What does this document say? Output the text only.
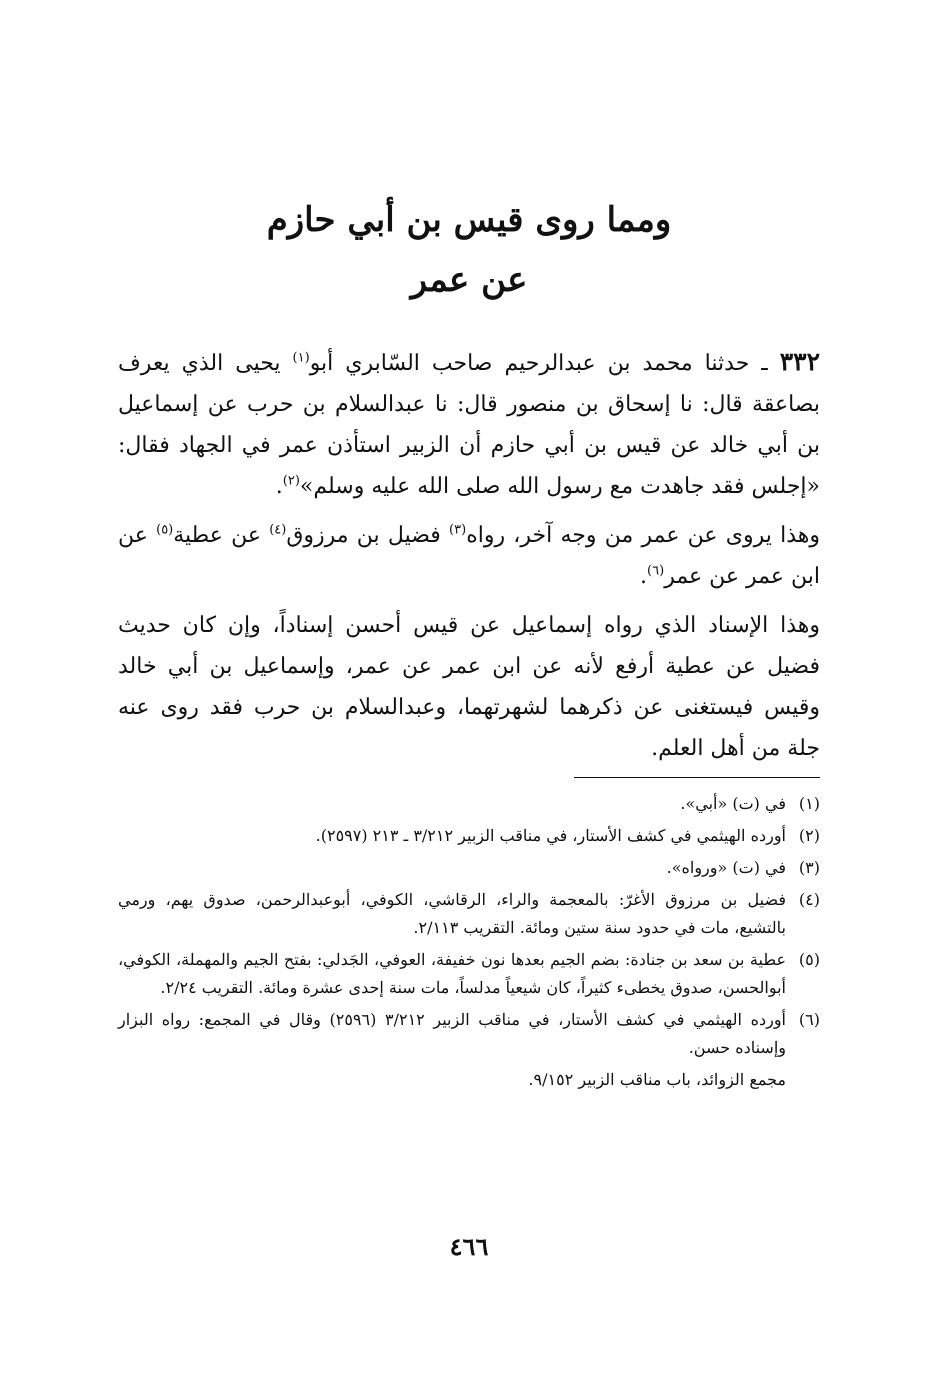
ومما روى قيس بن أبي حازم
عن عمر

٣٣٢ ـ حدثنا محمد بن عبدالرحيم صاحب السّابري أبو$^{(١)}$ يحيى الذي يعرف بصاعقة قال: نا إسحاق بن منصور قال: نا عبدالسلام بن حرب عن إسماعيل بن أبي خالد عن قيس بن أبي حازم أن الزبير استأذن عمر في الجهاد فقال: «إجلس فقد جاهدت مع رسول الله صلى الله عليه وسلم»$^{(٢)}$.

وهذا يروى عن عمر من وجه آخر، رواه$^{(٣)}$ فضيل بن مرزوق$^{(٤)}$ عن عطية$^{(٥)}$ عن ابن عمر عن عمر$^{(٦)}$.

وهذا الإسناد الذي رواه إسماعيل عن قيس أحسن إسناداً، وإن كان حديث فضيل عن عطية أرفع لأنه عن ابن عمر عن عمر، وإسماعيل بن أبي خالد وقيس فيستغنى عن ذكرهما لشهرتهما، وعبدالسلام بن حرب فقد روى عنه جلة من أهل العلم.

(١)
في (ت) «أبي».
(٢)
أورده الهيثمي في كشف الأستار، في مناقب الزبير ٣/٢١٢ ـ ٢١٣ (٢٥٩٧).
(٣)
في (ت) «ورواه».
(٤)
فضيل بن مرزوق الأغرّ: بالمعجمة والراء، الرقاشي، الكوفي، أبوعبدالرحمن، صدوق يهم، ورمي بالتشيع، مات في حدود سنة ستين ومائة. التقريب ٢/١١٣.
(٥)
عطية بن سعد بن جنادة: بضم الجيم بعدها نون خفيفة، العوفي، الجَدلي: بفتح الجيم والمهملة، الكوفي، أبوالحسن، صدوق يخطىء كثيراً، كان شيعياً مدلساً، مات سنة إحدى عشرة ومائة. التقريب ٢/٢٤.
(٦)
أورده الهيثمي في كشف الأستار، في مناقب الزبير ٣/٢١٢ (٢٥٩٦) وقال في المجمع: رواه البزار وإسناده حسن.
مجمع الزوائد، باب مناقب الزبير ٩/١٥٢.
٤٦٦
